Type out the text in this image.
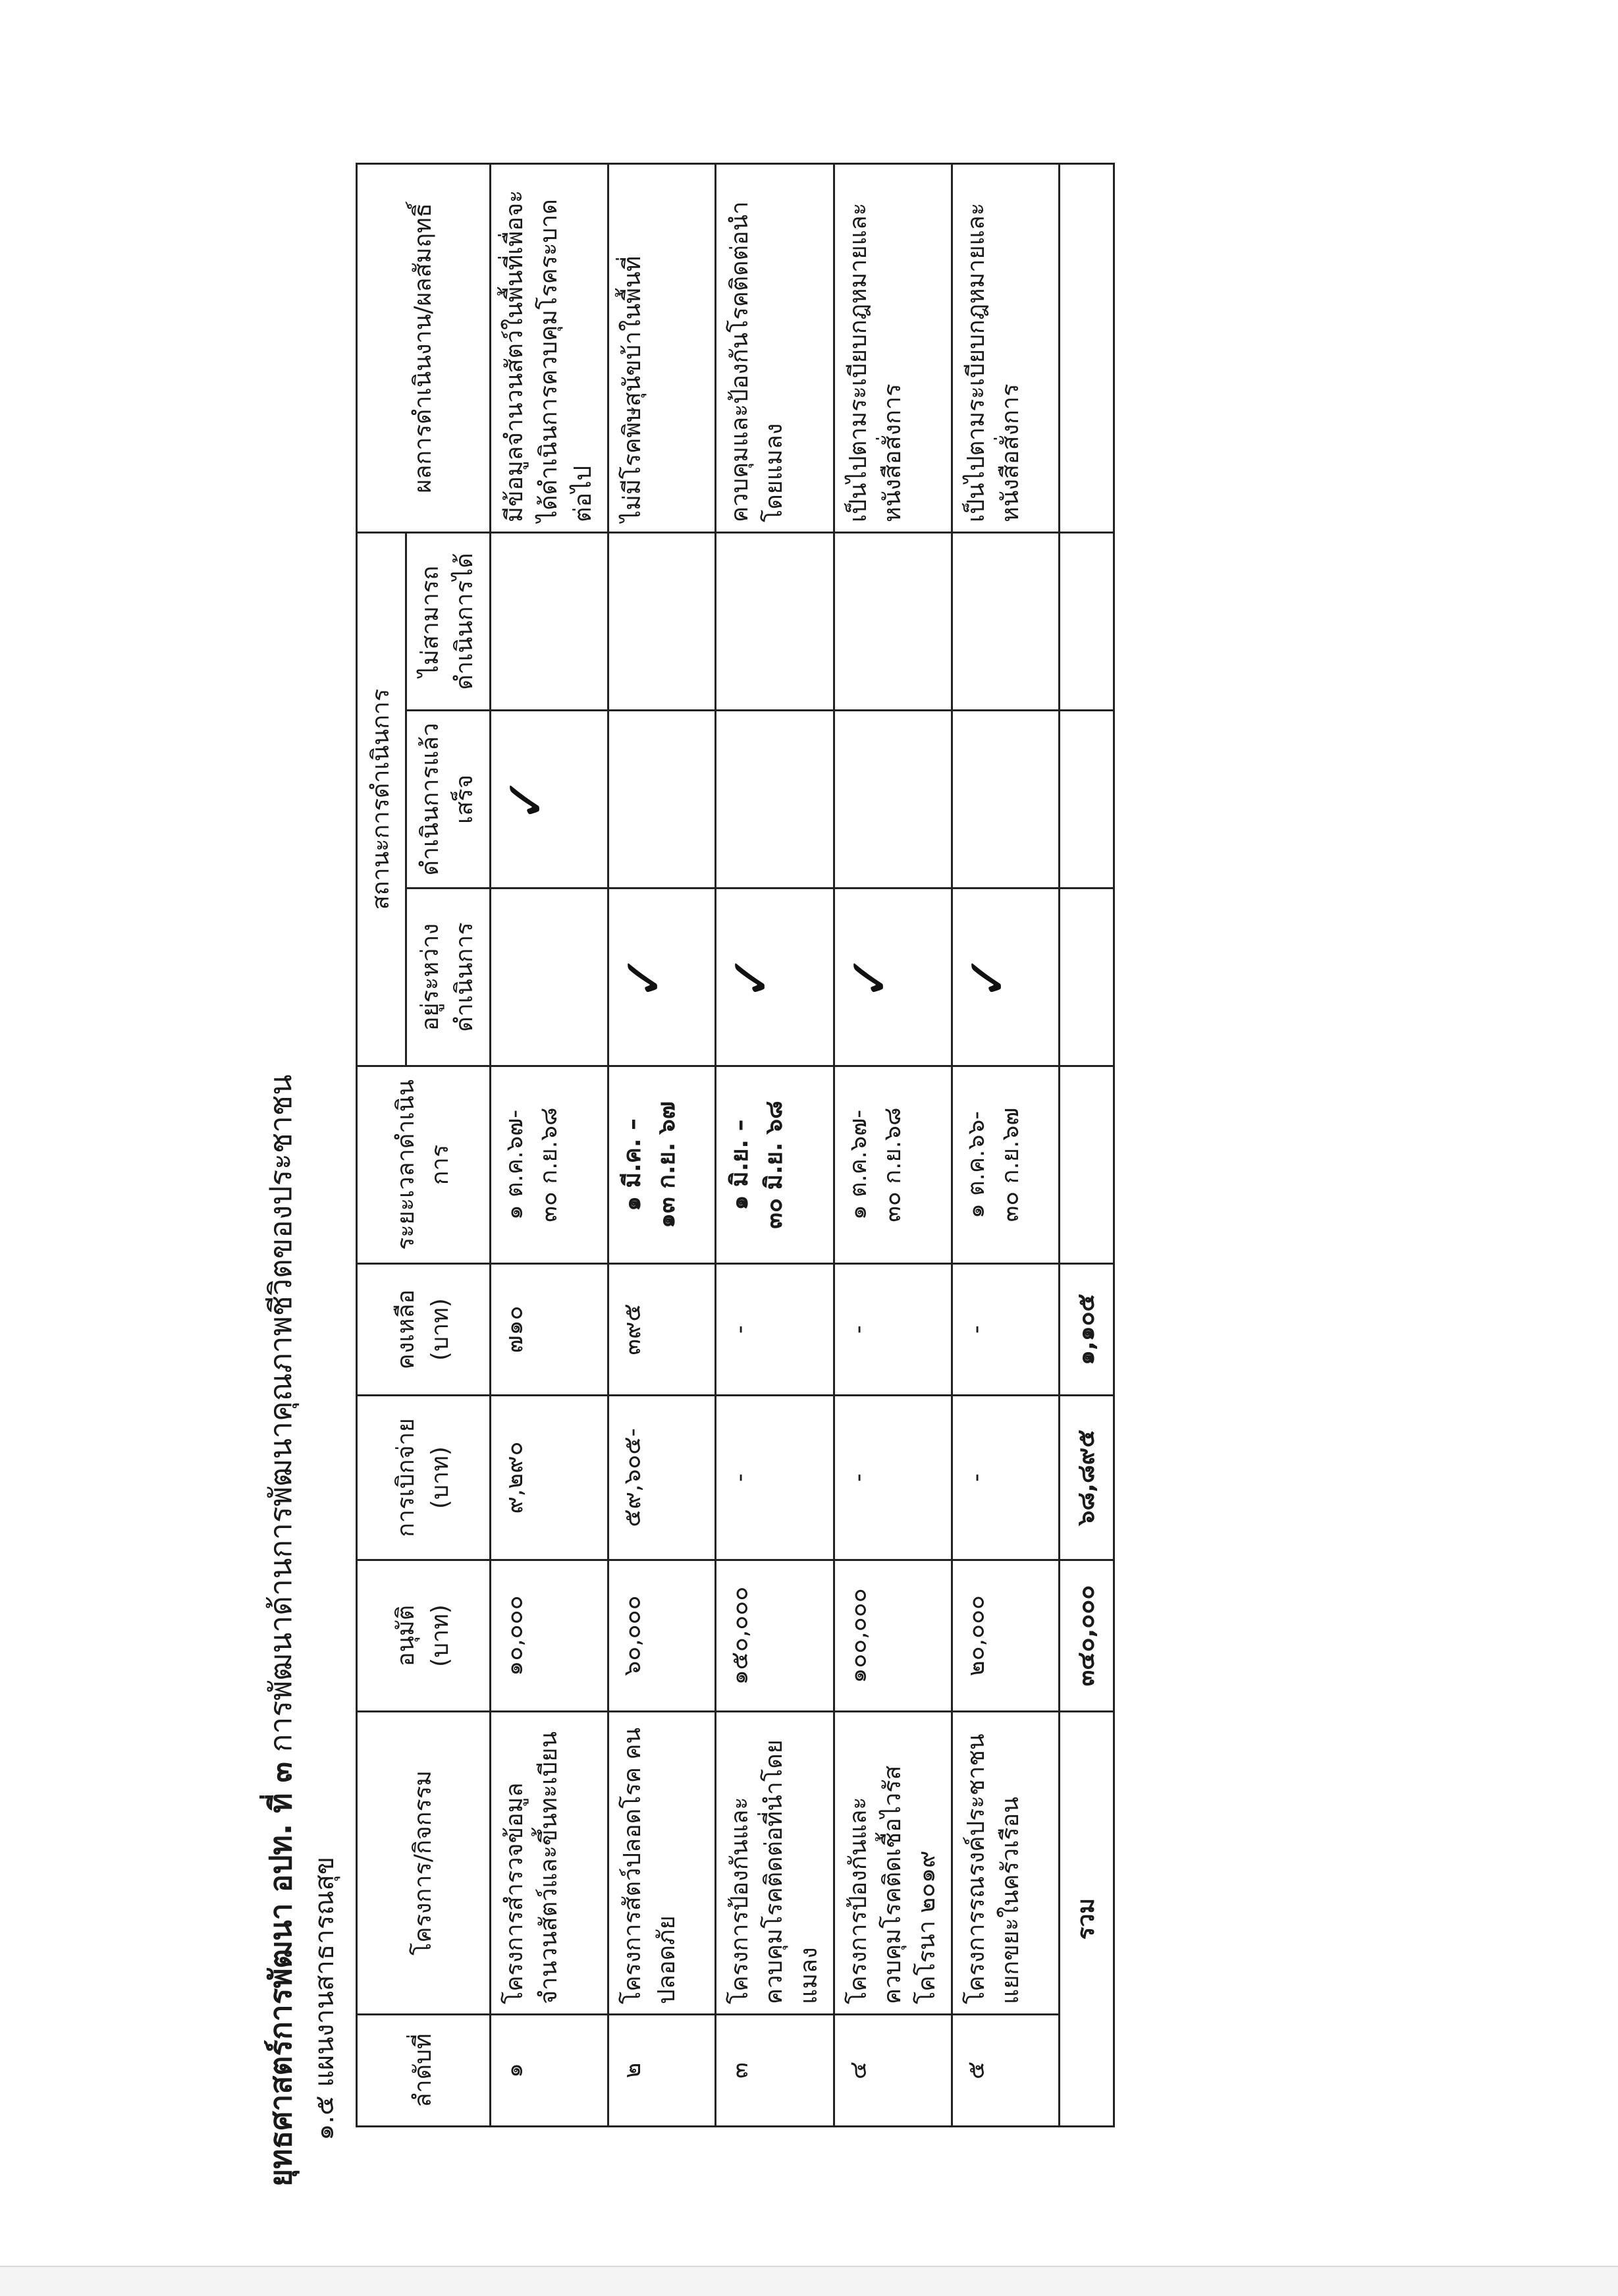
ยุทธศาสตร์การพัฒนา อปท. ที่ ๓ การพัฒนาด้านการพัฒนาคุณภาพชีวิตของประชาชน
๑.๕ แผนงานสาธารณสุข	ลำดับที่	โครงการ/กิจกรรม	อนุมัติ (บาท)	การเบิกจ่าย (บาท)	คงเหลือ (บาท)	ระยะเวลาดำเนินการ	สถานะการดำเนินการ			ผลการดำเนินงาน/ผลสัมฤทธิ์
						อยู่ระหว่างดำเนินการ	ดำเนินการแล้วเสร็จ	ไม่สามารถดำเนินการได้	
๑	โครงการสำรวจข้อมูลจำนวนสัตว์และขึ้นทะเบียน	๑๐,๐๐๐	๙,๒๙๐	๗๑๐	๑ ต.ค.๖๗- ๓๐ ก.ย.๖๘		✓		มีข้อมูลจำนวนสัตว์ในพื้นที่เพื่อจะได้ดำเนินการควบคุมโรคระบาดต่อไป
๒	โครงการสัตว์ปลอดโรค คนปลอดภัย	๖๐,๐๐๐	๕๙,๖๐๕-	๓๙๕	๑ มี.ค. – ๑๓ ก.ย. ๖๗	✓			ไม่มีโรคพิษสุนัขบ้าในพื้นที่
๓	โครงการป้องกันและควบคุมโรคติดต่อที่นำโดยแมลง	๑๕๐,๐๐๐	-	-	๑ มิ.ย. – ๓๐ มิ.ย. ๖๘	✓			ควบคุมและป้องกันโรคติดต่อนำโดยแมลง
๔	โครงการป้องกันและควบคุมโรคติดเชื้อไวรัสโคโรนา ๒๐๑๙	๑๐๐,๐๐๐	-	-	๑ ต.ค.๖๗- ๓๐ ก.ย.๖๘	✓			เป็นไปตามระเบียบกฎหมายและหนังสือสั่งการ
๕	โครงการรณรงค์ประชาชนแยกขยะในครัวเรือน	๒๐,๐๐๐	-	-	๑ ต.ค.๖๖- ๓๐ ก.ย.๖๗	✓			เป็นไปตามระเบียบกฎหมายและหนังสือสั่งการ
รวม		๓๔๐,๐๐๐	๖๘,๘๙๕	๑,๑๐๕					
